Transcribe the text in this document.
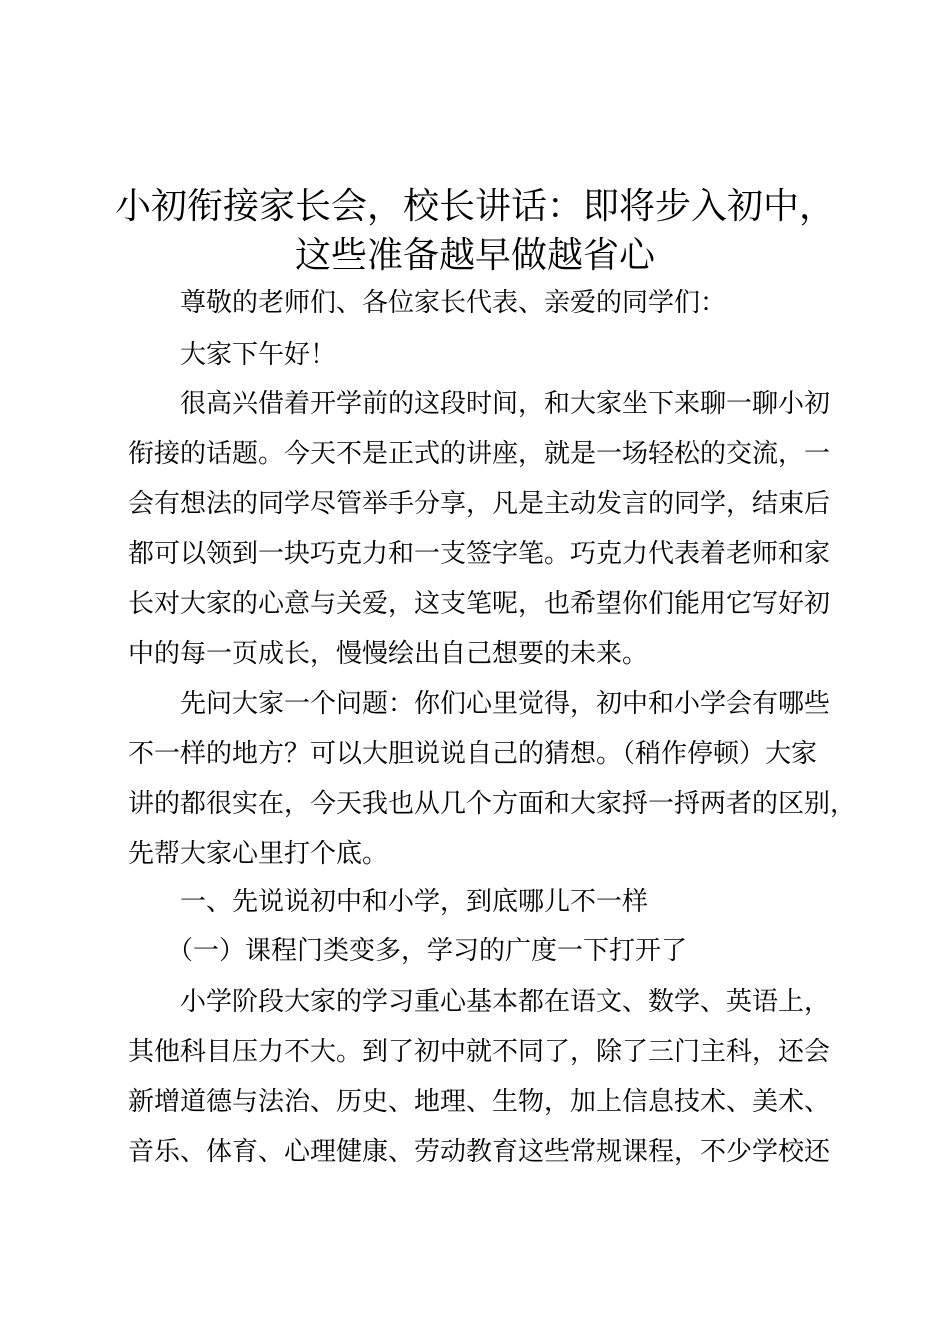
小初衔接家长会，校长讲话：即将步入初中，
这些准备越早做越省心
　　尊敬的老师们、各位家长代表、亲爱的同学们：
　　大家下午好！
　　很高兴借着开学前的这段时间，和大家坐下来聊一聊小初
衔接的话题。今天不是正式的讲座，就是一场轻松的交流，一
会有想法的同学尽管举手分享，凡是主动发言的同学，结束后
都可以领到一块巧克力和一支签字笔。巧克力代表着老师和家
长对大家的心意与关爱，这支笔呢，也希望你们能用它写好初
中的每一页成长，慢慢绘出自己想要的未来。
　　先问大家一个问题：你们心里觉得，初中和小学会有哪些
不一样的地方？可以大胆说说自己的猜想。（稍作停顿）大家
讲的都很实在，今天我也从几个方面和大家捋一捋两者的区别，
先帮大家心里打个底。
　　一、先说说初中和小学，到底哪儿不一样
　　（一）课程门类变多，学习的广度一下打开了
　　小学阶段大家的学习重心基本都在语文、数学、英语上，
其他科目压力不大。到了初中就不同了，除了三门主科，还会
新增道德与法治、历史、地理、生物，加上信息技术、美术、
音乐、体育、心理健康、劳动教育这些常规课程，不少学校还
